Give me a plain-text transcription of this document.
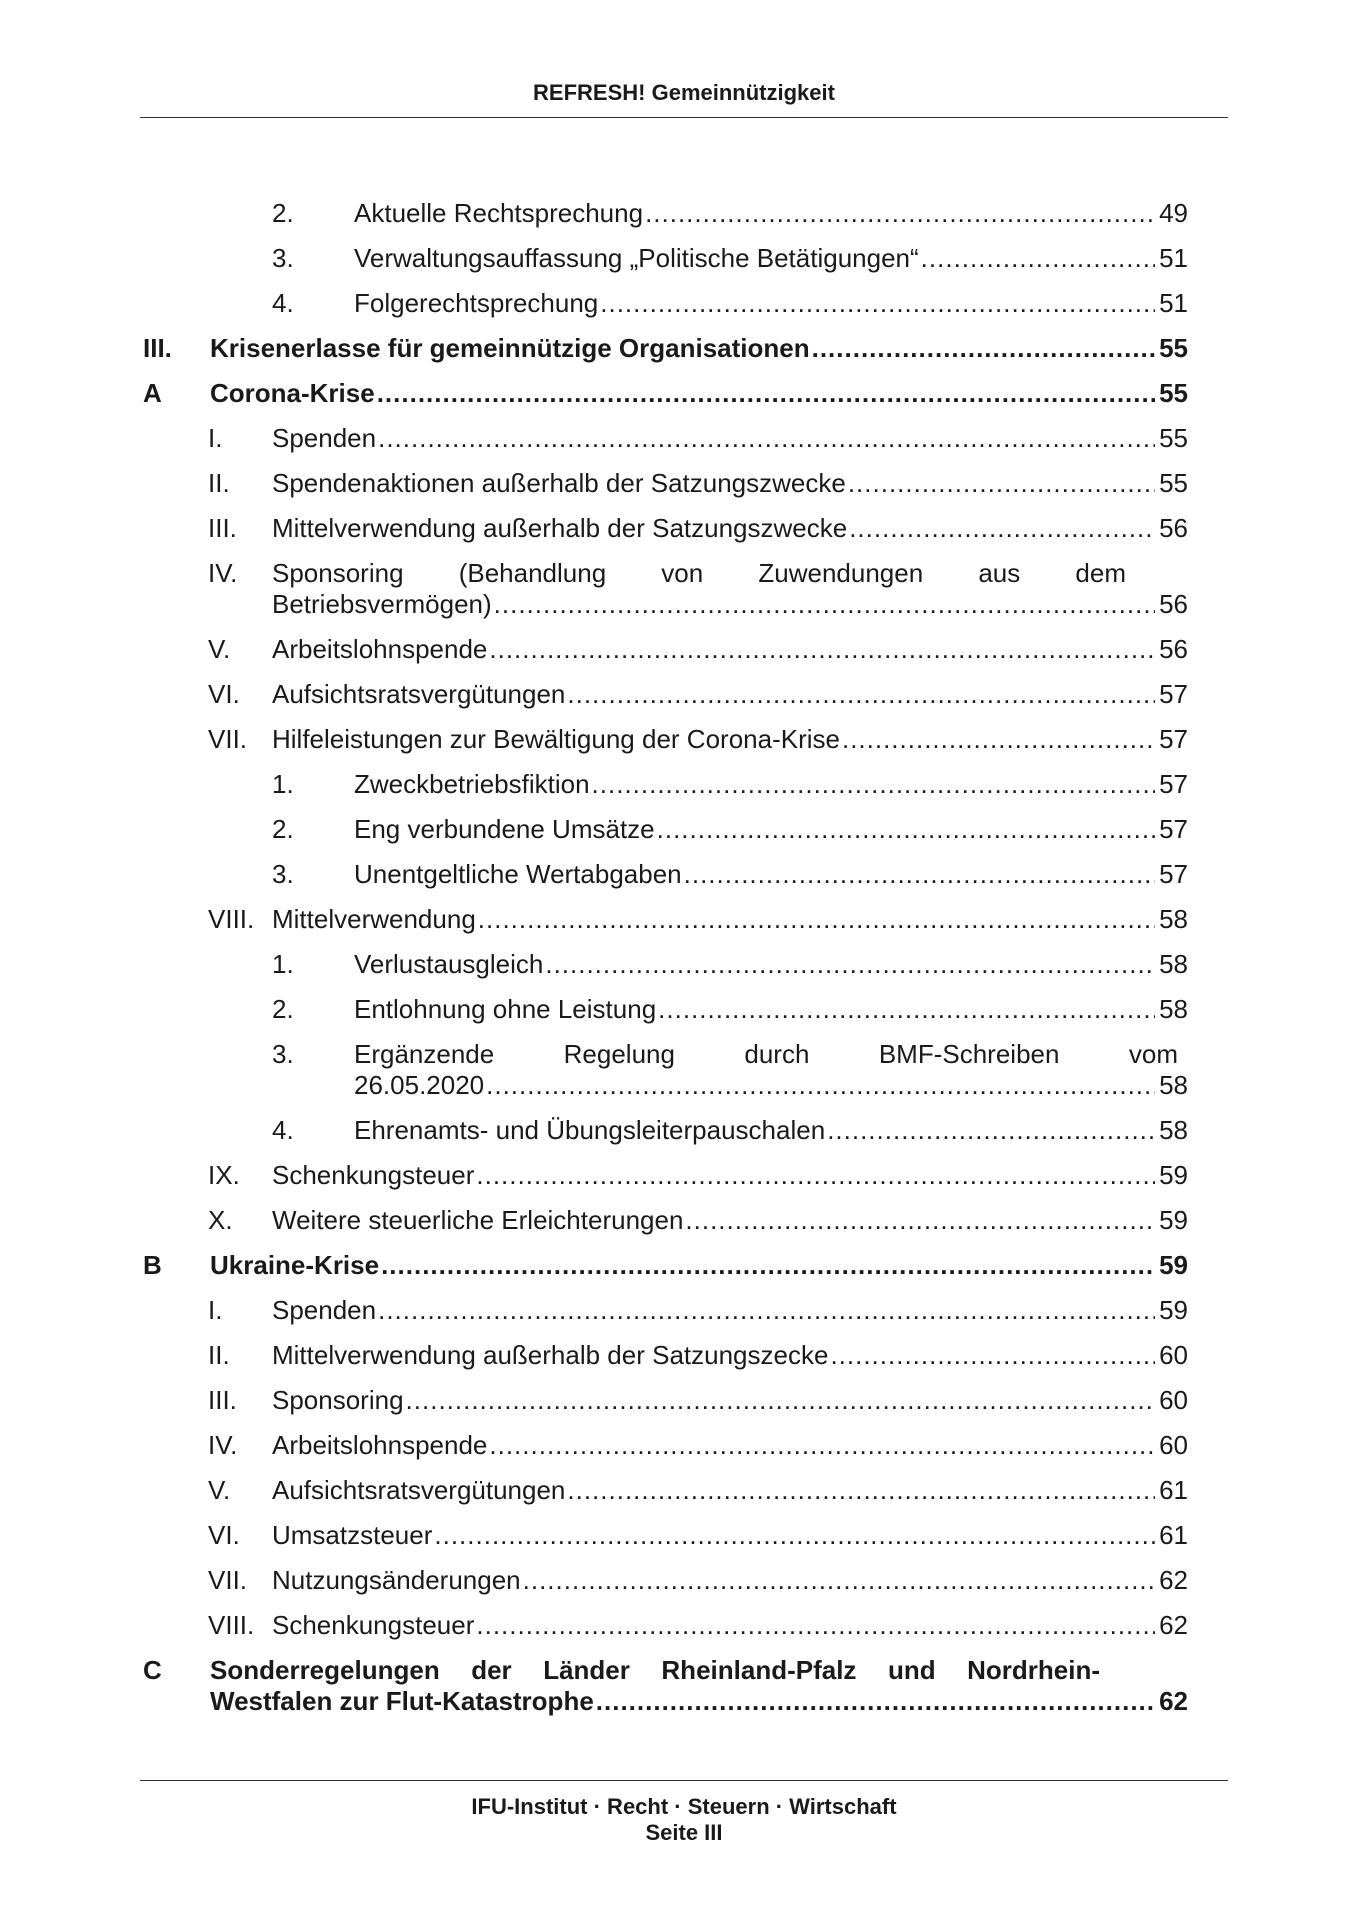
REFRESH! Gemeinnützigkeit
2. Aktuelle Rechtsprechung .....	49
3. Verwaltungsauffassung „Politische Betätigungen“ .....	51
4. Folgerechtsprechung .....	51
III. Krisenerlasse für gemeinnützige Organisationen .....	55
A Corona-Krise .....	55
I. Spenden .....	55
II. Spendenaktionen außerhalb der Satzungszwecke .....	55
III. Mittelverwendung außerhalb der Satzungszwecke .....	56
IV. Sponsoring (Behandlung von Zuwendungen aus dem
Betriebsvermögen) .....	56
V. Arbeitslohnspende .....	56
VI. Aufsichtsratsvergütungen .....	57
VII. Hilfeleistungen zur Bewältigung der Corona-Krise .....	57
1. Zweckbetriebsfiktion .....	57
2. Eng verbundene Umsätze .....	57
3. Unentgeltliche Wertabgaben .....	57
VIII. Mittelverwendung .....	58
1. Verlustausgleich .....	58
2. Entlohnung ohne Leistung .....	58
3. Ergänzende Regelung durch BMF-Schreiben vom
26.05.2020 .....	58
4. Ehrenamts- und Übungsleiterpauschalen .....	58
IX. Schenkungsteuer .....	59
X. Weitere steuerliche Erleichterungen .....	59
B Ukraine-Krise .....	59
I. Spenden .....	59
II. Mittelverwendung außerhalb der Satzungszecke .....	60
III. Sponsoring .....	60
IV. Arbeitslohnspende .....	60
V. Aufsichtsratsvergütungen .....	61
VI. Umsatzsteuer .....	61
VII. Nutzungsänderungen .....	62
VIII. Schenkungsteuer .....	62
C Sonderregelungen der Länder Rheinland-Pfalz und Nordrhein-
Westfalen zur Flut-Katastrophe .....	62
IFU-Institut · Recht · Steuern · Wirtschaft
Seite III
